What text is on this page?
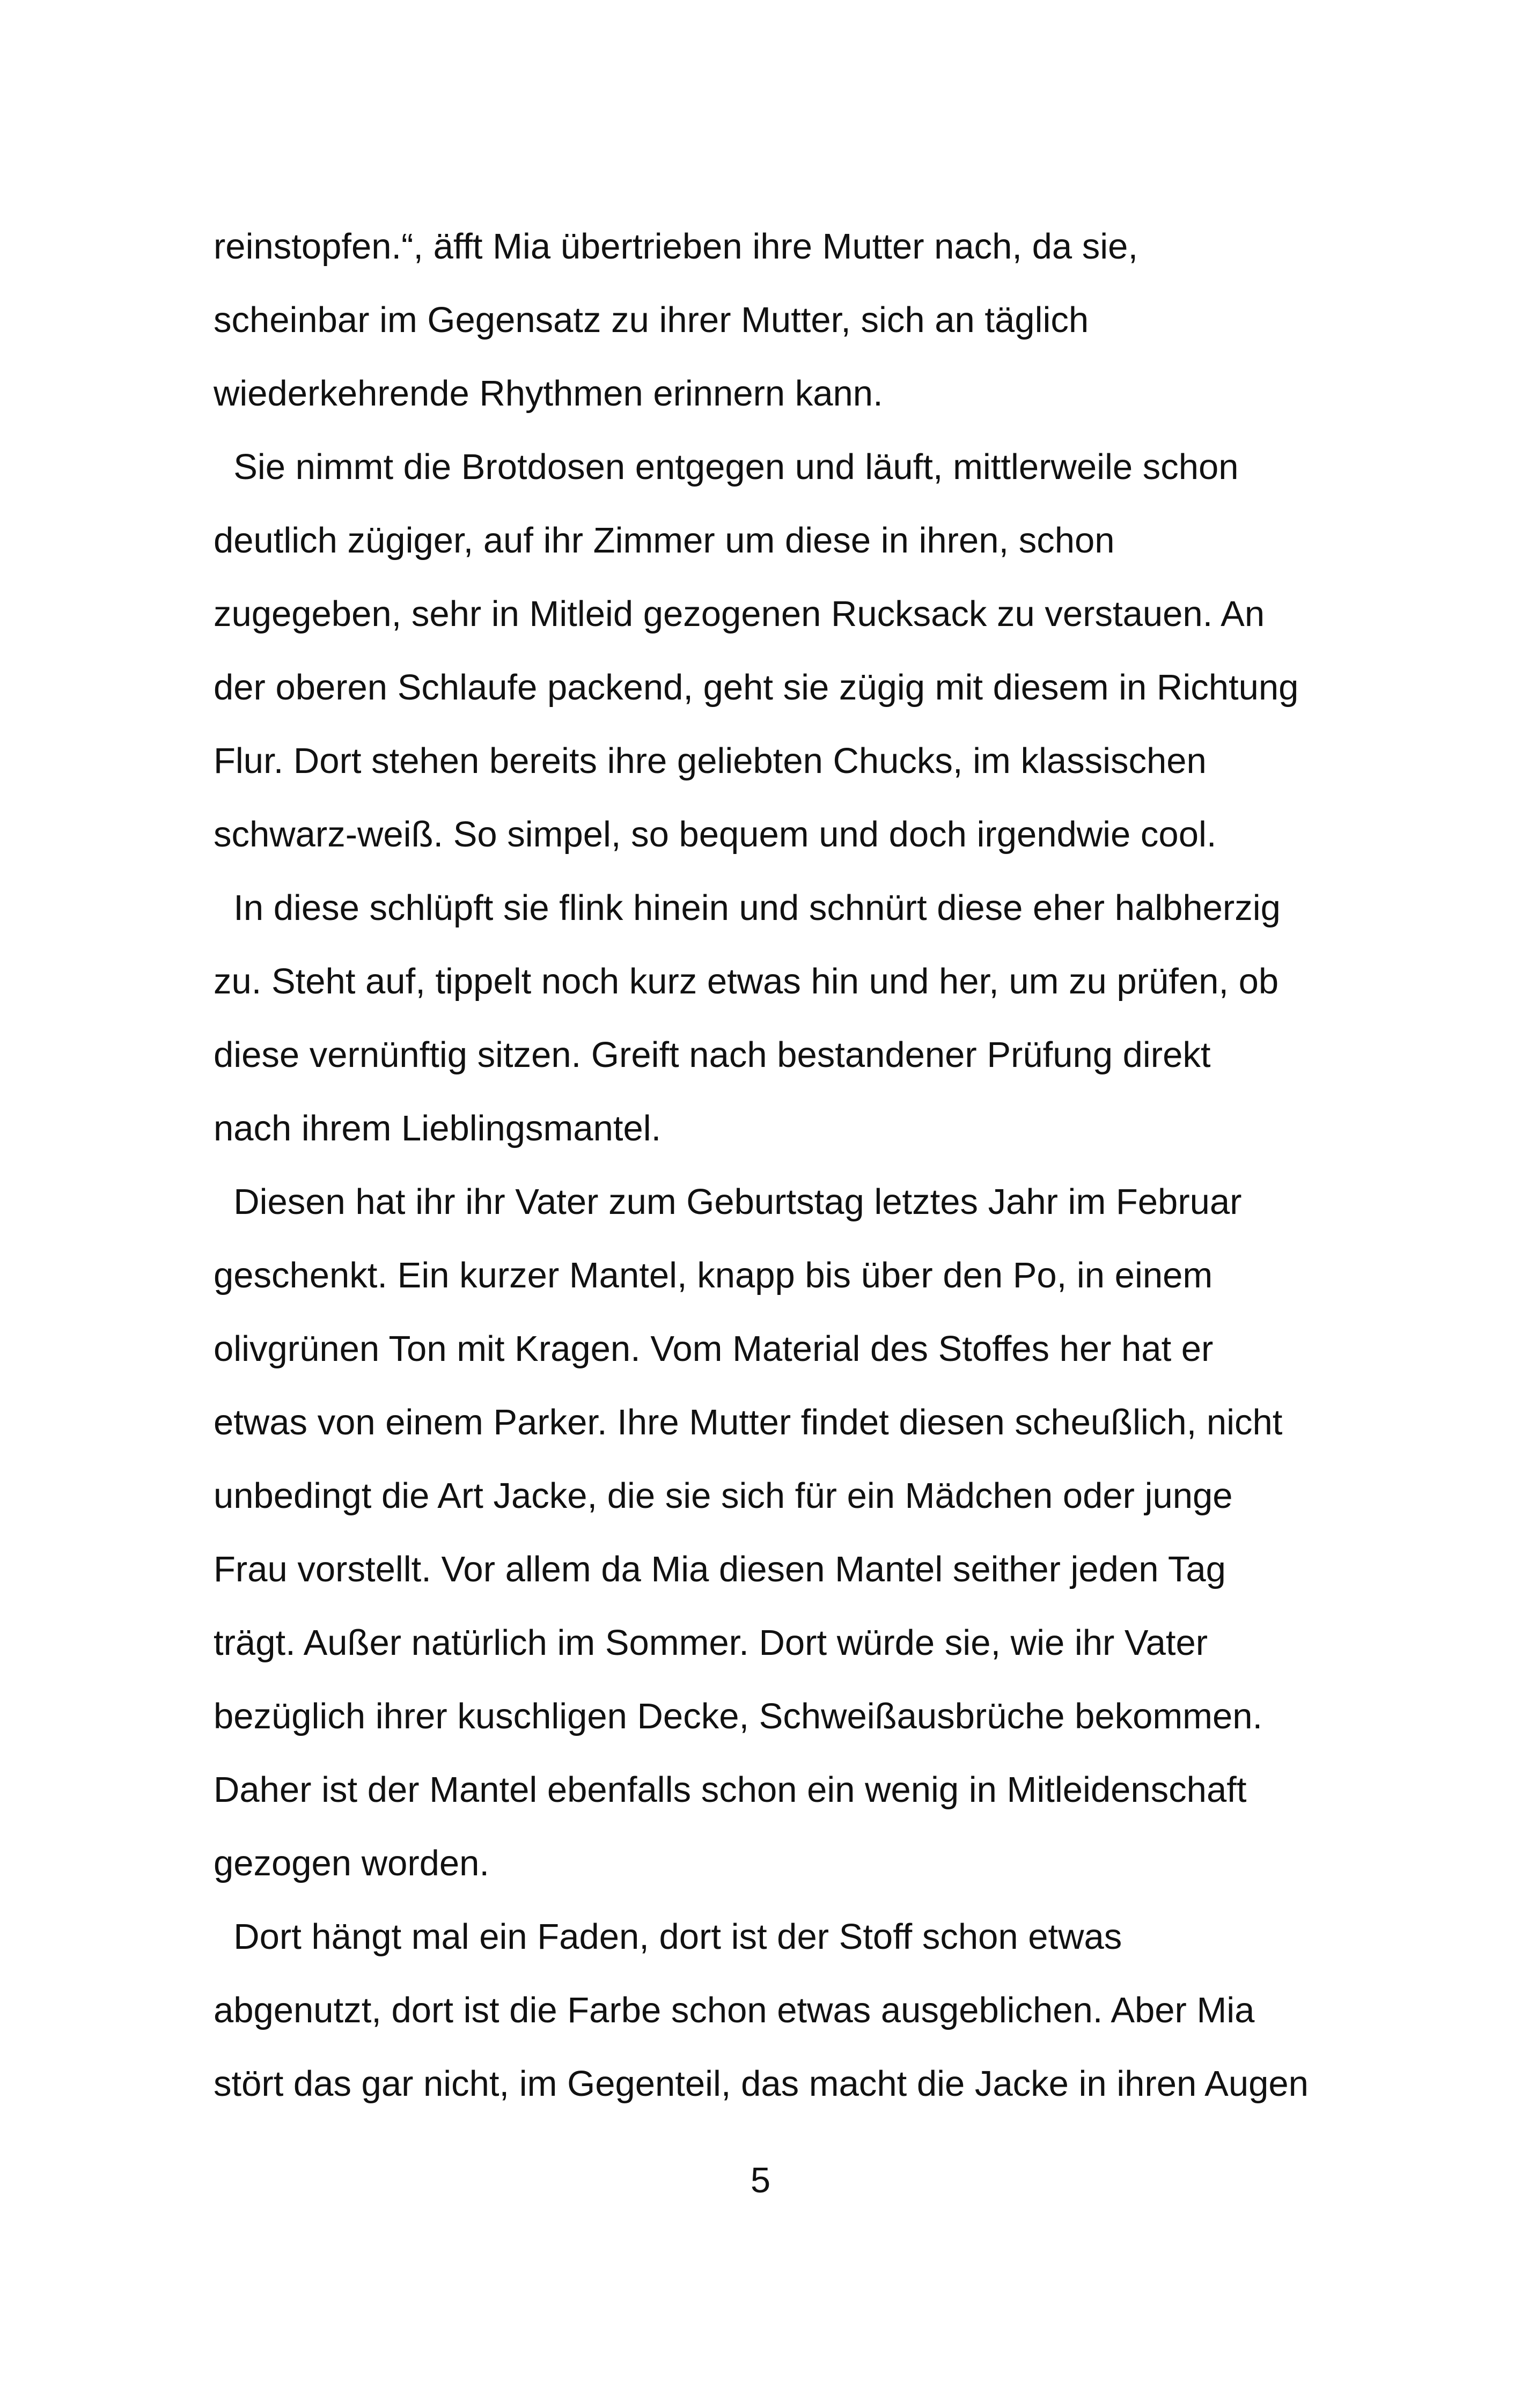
reinstopfen.“, äfft Mia übertrieben ihre Mutter nach, da sie,
scheinbar im Gegensatz zu ihrer Mutter, sich an täglich
wiederkehrende Rhythmen erinnern kann.
Sie nimmt die Brotdosen entgegen und läuft, mittlerweile schon
deutlich zügiger, auf ihr Zimmer um diese in ihren, schon
zugegeben, sehr in Mitleid gezogenen Rucksack zu verstauen. An
der oberen Schlaufe packend, geht sie zügig mit diesem in Richtung
Flur. Dort stehen bereits ihre geliebten Chucks, im klassischen
schwarz-weiß. So simpel, so bequem und doch irgendwie cool.
In diese schlüpft sie flink hinein und schnürt diese eher halbherzig
zu. Steht auf, tippelt noch kurz etwas hin und her, um zu prüfen, ob
diese vernünftig sitzen. Greift nach bestandener Prüfung direkt
nach ihrem Lieblingsmantel.
Diesen hat ihr ihr Vater zum Geburtstag letztes Jahr im Februar
geschenkt. Ein kurzer Mantel, knapp bis über den Po, in einem
olivgrünen Ton mit Kragen. Vom Material des Stoffes her hat er
etwas von einem Parker. Ihre Mutter findet diesen scheußlich, nicht
unbedingt die Art Jacke, die sie sich für ein Mädchen oder junge
Frau vorstellt. Vor allem da Mia diesen Mantel seither jeden Tag
trägt. Außer natürlich im Sommer. Dort würde sie, wie ihr Vater
bezüglich ihrer kuschligen Decke, Schweißausbrüche bekommen.
Daher ist der Mantel ebenfalls schon ein wenig in Mitleidenschaft
gezogen worden.
Dort hängt mal ein Faden, dort ist der Stoff schon etwas
abgenutzt, dort ist die Farbe schon etwas ausgeblichen. Aber Mia
stört das gar nicht, im Gegenteil, das macht die Jacke in ihren Augen
5
